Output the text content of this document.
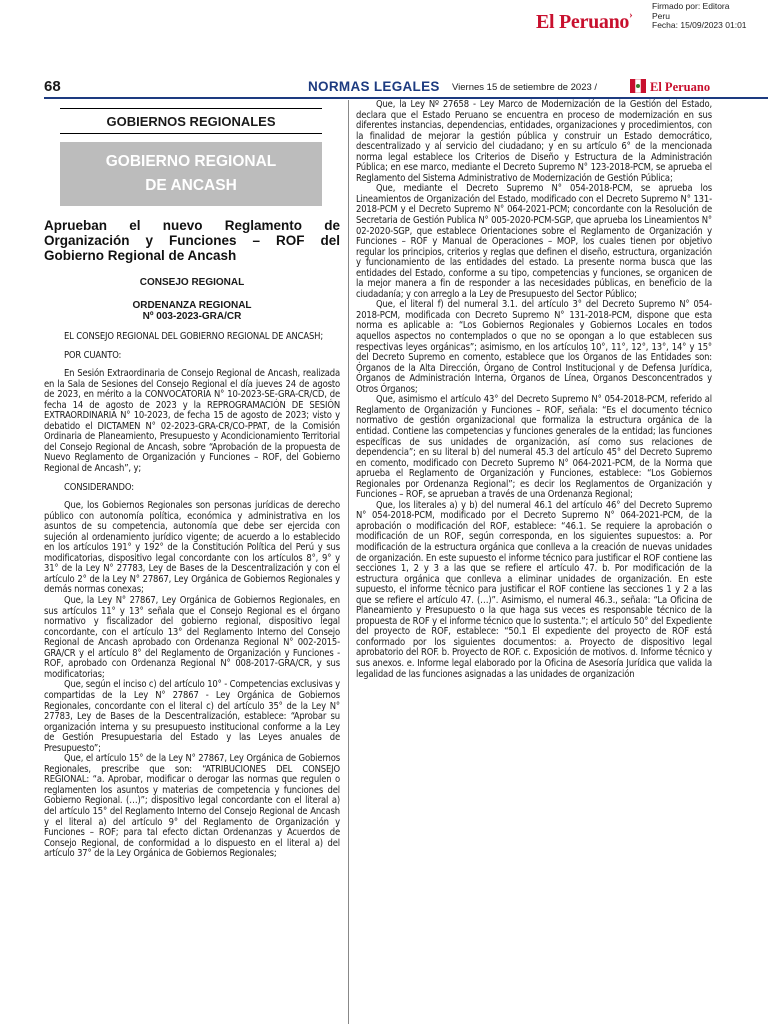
El Peruano›
Firmado por: Editora
Peru
Fecha: 15/09/2023 01:01
68	NORMAS LEGALES Viernes 15 de setiembre de 2023 /	El Peruano
GOBIERNOS REGIONALES
GOBIERNO REGIONAL
DE ANCASH
Aprueban el nuevo Reglamento de Organización y Funciones – ROF del Gobierno Regional de Ancash
CONSEJO REGIONAL
ORDENANZA REGIONAL
Nº 003-2023-GRA/CR

EL CONSEJO REGIONAL DEL GOBIERNO REGIONAL DE ANCASH;

POR CUANTO:

En Sesión Extraordinaria de Consejo Regional de Ancash, realizada en la Sala de Sesiones del Consejo Regional el día jueves 24 de agosto de 2023, en mérito a la CONVOCATORIA N° 10-2023-SE-GRA-CR/CD, de fecha 14 de agosto de 2023 y la REPROGRAMACIÓN DE SESIÓN EXTRAORDINARIA N° 10-2023, de fecha 15 de agosto de 2023; visto y debatido el DICTAMEN N° 02-2023-GRA-CR/CO-PPAT, de la Comisión Ordinaria de Planeamiento, Presupuesto y Acondicionamiento Territorial del Consejo Regional de Ancash, sobre “Aprobación de la propuesta de Nuevo Reglamento de Organización y Funciones – ROF, del Gobierno Regional de Ancash”, y;

CONSIDERANDO:

Que, los Gobiernos Regionales son personas jurídicas de derecho público con autonomía política, económica y administrativa en los asuntos de su competencia, autonomía que debe ser ejercida con sujeción al ordenamiento jurídico vigente; de acuerdo a lo establecido en los artículos 191° y 192° de la Constitución Política del Perú y sus modificatorias, dispositivo legal concordante con los artículos 8°, 9° y 31° de la Ley N° 27783, Ley de Bases de la Descentralización y con el artículo 2° de la Ley N° 27867, Ley Orgánica de Gobiernos Regionales y demás normas conexas;

Que, la Ley N° 27867, Ley Orgánica de Gobiernos Regionales, en sus artículos 11° y 13° señala que el Consejo Regional es el órgano normativo y fiscalizador del gobierno regional, dispositivo legal concordante, con el artículo 13° del Reglamento Interno del Consejo Regional de Ancash aprobado con Ordenanza Regional N° 002-2015-GRA/CR y el artículo 8° del Reglamento de Organización y Funciones - ROF, aprobado con Ordenanza Regional N° 008-2017-GRA/CR, y sus modificatorias;

Que, según el inciso c) del artículo 10° - Competencias exclusivas y compartidas de la Ley N° 27867 - Ley Orgánica de Gobiernos Regionales, concordante con el literal c) del artículo 35° de la Ley N° 27783, Ley de Bases de la Descentralización, establece: “Aprobar su organización interna y su presupuesto institucional conforme a la Ley de Gestión Presupuestaria del Estado y las Leyes anuales de Presupuesto”;

Que, el artículo 15° de la Ley N° 27867, Ley Orgánica de Gobiernos Regionales, prescribe que son: “ATRIBUCIONES DEL CONSEJO REGIONAL: “a. Aprobar, modificar o derogar las normas que regulen o reglamenten los asuntos y materias de competencia y funciones del Gobierno Regional. (…)”; dispositivo legal concordante con el literal a) del artículo 15° del Reglamento Interno del Consejo Regional de Ancash y el literal a) del artículo 9° del Reglamento de Organización y Funciones – ROF; para tal efecto dictan Ordenanzas y Acuerdos de Consejo Regional, de conformidad a lo dispuesto en el literal a) del artículo 37° de la Ley Orgánica de Gobiernos Regionales;

Que, la Ley Nº 27658 - Ley Marco de Modernización de la Gestión del Estado, declara que el Estado Peruano se encuentra en proceso de modernización en sus diferentes instancias, dependencias, entidades, organizaciones y procedimientos, con la finalidad de mejorar la gestión pública y construir un Estado democrático, descentralizado y al servicio del ciudadano; y en su artículo 6° de la mencionada norma legal establece los Criterios de Diseño y Estructura de la Administración Pública; en ese marco, mediante el Decreto Supremo N° 123-2018-PCM, se aprueba el Reglamento del Sistema Administrativo de Modernización de Gestión Pública;

Que, mediante el Decreto Supremo N° 054-2018-PCM, se aprueba los Lineamientos de Organización del Estado, modificado con el Decreto Supremo N° 131-2018-PCM y el Decreto Supremo N° 064-2021-PCM; concordante con la Resolución de Secretaria de Gestión Publica N° 005-2020-PCM-SGP, que aprueba los Lineamientos N° 02-2020-SGP, que establece Orientaciones sobre el Reglamento de Organización y Funciones – ROF y Manual de Operaciones – MOP, los cuales tienen por objetivo regular los principios, criterios y reglas que definen el diseño, estructura, organización y funcionamiento de las entidades del estado. La presente norma busca que las entidades del Estado, conforme a su tipo, competencias y funciones, se organicen de la mejor manera a fin de responder a las necesidades públicas, en beneficio de la ciudadanía; y con arreglo a la Ley de Presupuesto del Sector Público;

Que, el literal f) del numeral 3.1. del artículo 3° del Decreto Supremo N° 054-2018-PCM, modificada con Decreto Supremo N° 131-2018-PCM, dispone que esta norma es aplicable a: “Los Gobiernos Regionales y Gobiernos Locales en todos aquellos aspectos no contemplados o que no se opongan a lo que establecen sus respectivas leyes orgánicas”; asimismo, en los artículos 10°, 11°, 12°, 13°, 14° y 15° del Decreto Supremo en comento, establece que los Órganos de las Entidades son: Órganos de la Alta Dirección, Órgano de Control Institucional y de Defensa Jurídica, Órganos de Administración Interna, Órganos de Línea, Órganos Desconcentrados y Otros Órganos;

Que, asimismo el artículo 43° del Decreto Supremo N° 054-2018-PCM, referido al Reglamento de Organización y Funciones – ROF, señala: “Es el documento técnico normativo de gestión organizacional que formaliza la estructura orgánica de la entidad. Contiene las competencias y funciones generales de la entidad; las funciones específicas de sus unidades de organización, así como sus relaciones de dependencia”; en su literal b) del numeral 45.3 del artículo 45° del Decreto Supremo en comento, modificado con Decreto Supremo N° 064-2021-PCM, de la Norma que aprueba el Reglamento de Organización y Funciones, establece: “Los Gobiernos Regionales por Ordenanza Regional”; es decir los Reglamentos de Organización y Funciones – ROF, se aprueban a través de una Ordenanza Regional;

Que, los literales a) y b) del numeral 46.1 del artículo 46° del Decreto Supremo N° 054-2018-PCM, modificado por el Decreto Supremo N° 064-2021-PCM, de la aprobación o modificación del ROF, establece: “46.1. Se requiere la aprobación o modificación de un ROF, según corresponda, en los siguientes supuestos: a. Por modificación de la estructura orgánica que conlleva a la creación de nuevas unidades de organización. En este supuesto el informe técnico para justificar el ROF contiene las secciones 1, 2 y 3 a las que se refiere el artículo 47. b. Por modificación de la estructura orgánica que conlleva a eliminar unidades de organización. En este supuesto, el informe técnico para justificar el ROF contiene las secciones 1 y 2 a las que se refiere el artículo 47. (…)”. Asimismo, el numeral 46.3., señala: “La Oficina de Planeamiento y Presupuesto o la que haga sus veces es responsable técnico de la propuesta de ROF y el informe técnico que lo sustenta.”; el artículo 50° del Expediente del proyecto de ROF, establece: “50.1 El expediente del proyecto de ROF está conformado por los siguientes documentos: a. Proyecto de dispositivo legal aprobatorio del ROF. b. Proyecto de ROF. c. Exposición de motivos. d. Informe técnico y sus anexos. e. Informe legal elaborado por la Oficina de Asesoría Jurídica que valida la legalidad de las funciones asignadas a las unidades de organización
